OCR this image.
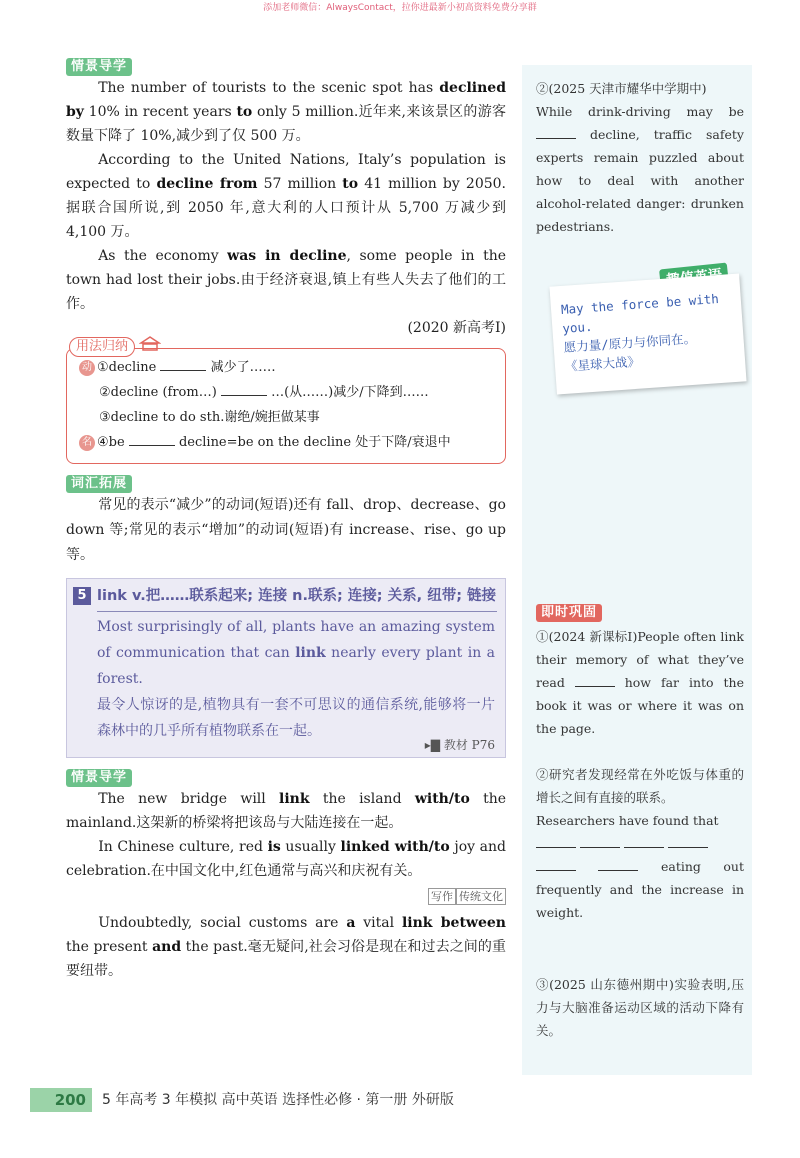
添加老师微信：AlwaysContact，拉你进最新小初高资料免费分享群
情景导学

The number of tourists to the scenic spot has declined by 10% in recent years to only 5 million.近年来,来该景区的游客数量下降了 10%,减少到了仅 500 万。

According to the United Nations, Italy’s population is expected to decline from 57 million to 41 million by 2050. 据联合国所说,到 2050 年,意大利的人口预计从 5,700 万减少到 4,100 万。

As the economy was in decline, some people in the town had lost their jobs.由于经济衰退,镇上有些人失去了他们的工作。

(2020 新高考Ⅰ)
用法归纳
动 ①decline	减少了……
②decline (from…)	…(从……)减少/下降到……
③decline to do sth.谢绝/婉拒做某事
名 ④be	decline=be on the decline 处于下降/衰退中
词汇拓展

常见的表示“减少”的动词(短语)还有 fall、drop、decrease、go down 等;常见的表示“增加”的动词(短语)有 increase、rise、go up 等。

5 link v.把……联系起来; 连接 n.联系; 连接; 关系, 纽带; 链接
Most surprisingly of all, plants have an amazing system of communication that can link nearly every plant in a forest.
最令人惊讶的是,植物具有一套不可思议的通信系统,能够将一片森林中的几乎所有植物联系在一起。
▸▇ 教材 P76
情景导学

The new bridge will link the island with/to the mainland.这架新的桥梁将把该岛与大陆连接在一起。

In Chinese culture, red is usually linked with/to joy and celebration.在中国文化中,红色通常与高兴和庆祝有关。

写作 传统文化

Undoubtedly, social customs are a vital link between the present and the past.毫无疑问,社会习俗是现在和过去之间的重要纽带。

②(2025 天津市耀华中学期中)
While drink-driving may be  decline, traffic safety experts remain puzzled about how to deal with another alcohol-related danger: drunken pedestrians.
即时巩固
①(2024 新课标Ⅰ)People often link their memory of what they’ve read	how far into the book it was or where it was on the page.
②研究者发现经常在外吃饭与体重的增长之间有直接的联系。
Researchers have found that

eating out frequently and the increase in weight.
③(2025 山东德州期中)实验表明,压力与大脑准备运动区域的活动下降有关。
May the force be with you.
愿力量/原力与你同在。
《星球大战》
200	5 年高考 3 年模拟 高中英语 选择性必修 · 第一册 外研版
